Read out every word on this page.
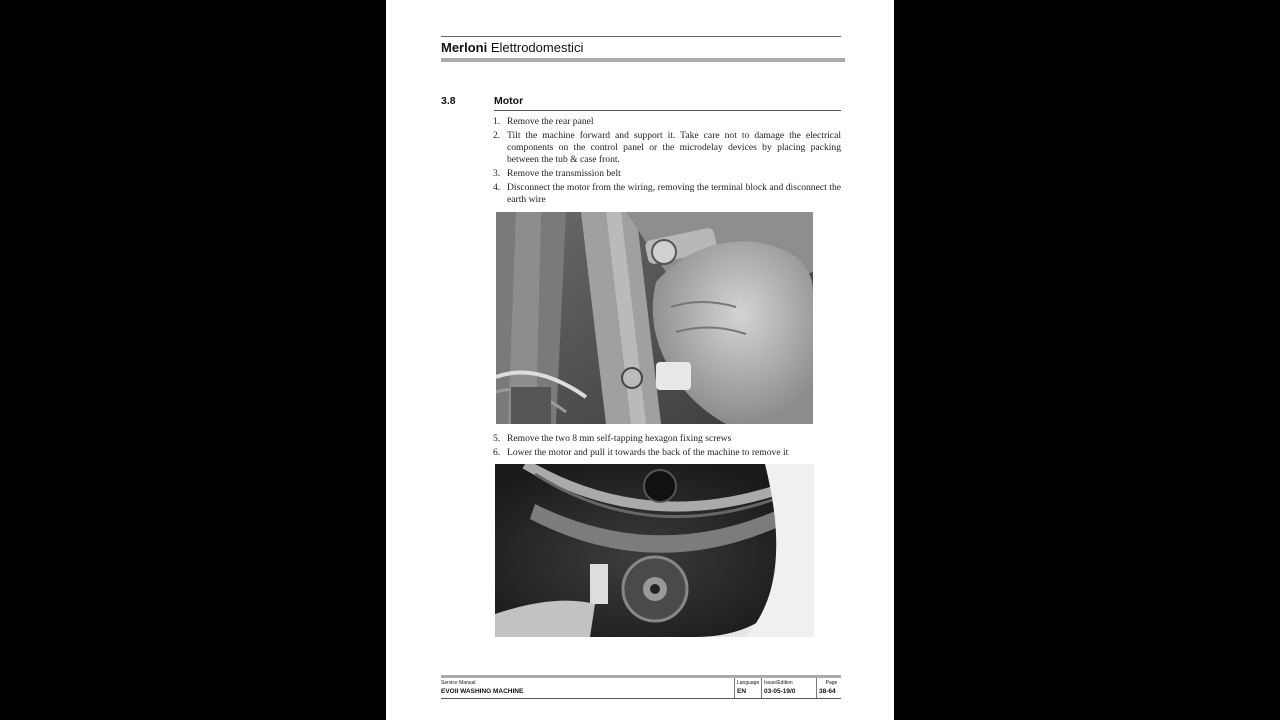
Merloni Elettrodomestici
3.8	Motor
1. Remove the rear panel
2. Tilt the machine forward and support it. Take care not to damage the electrical components on the control panel or the microdelay devices by placing packing between the tub & case front.
3. Remove the transmission belt
4. Disconnect the motor from the wiring, removing the terminal block and disconnect the earth wire
5. Remove the two 8 mm self-tapping hexagon fixing screws
6. Lower the motor and pull it towards the back of the machine to remove it
Service Manual
EVOII WASHING MACHINE
Language
EN
Issue/Edition
03-05-19/0
Page
38-64
